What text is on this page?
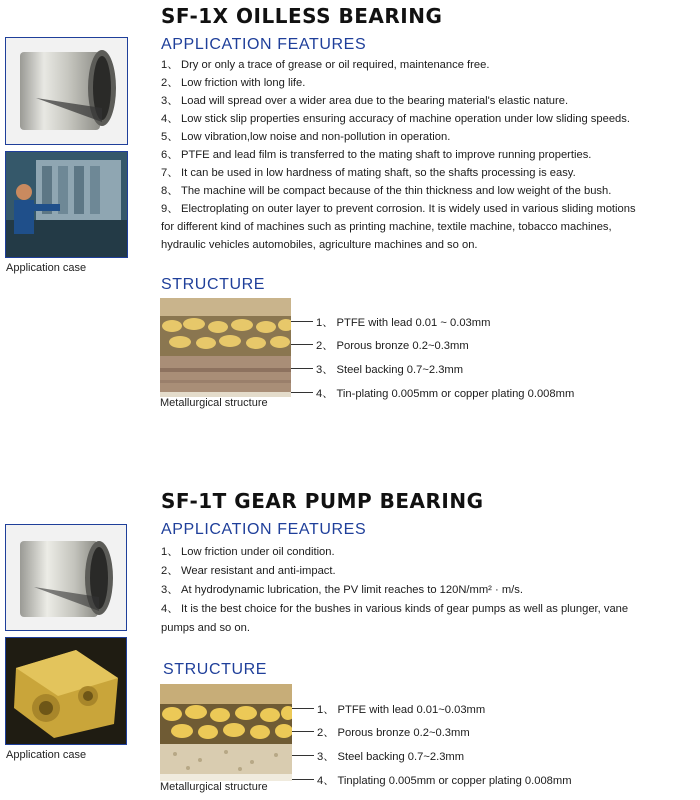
SF-1X OILLESS BEARING
Application case
APPLICATION FEATURES
1、 Dry or only a trace of grease or oil required, maintenance free.
2、 Low friction with long life.
3、 Load will spread over a wider area due to the bearing material's elastic nature.
4、 Low stick slip properties ensuring accuracy of machine operation under low sliding speeds.
5、 Low vibration,low noise and non-pollution in operation.
6、 PTFE and lead film is transferred to the mating shaft to improve running properties.
7、 It can be used in low hardness of mating shaft, so the shafts processing is easy.
8、 The machine will be compact because of the thin thickness and low weight of the bush.
9、 Electroplating on outer layer to prevent corrosion. It is widely used in various sliding motions
for different kind of machines such as printing machine, textile machine, tobacco machines,
hydraulic vehicles automobiles, agriculture machines and so on.
STRUCTURE
Metallurgical structure
1、 PTFE with lead 0.01 ~ 0.03mm
2、 Porous bronze 0.2~0.3mm
3、 Steel backing 0.7~2.3mm
4、 Tin-plating 0.005mm or copper plating 0.008mm
SF-1T GEAR PUMP BEARING
Application case
APPLICATION FEATURES
1、 Low friction under oil condition.
2、 Wear resistant and anti-impact.
3、 At hydrodynamic lubrication, the PV limit reaches to 120N/mm² · m/s.
4、 It is the best choice for the bushes in various kinds of gear pumps as well as plunger, vane
pumps and so on.
STRUCTURE
Metallurgical structure
1、 PTFE with lead 0.01~0.03mm
2、 Porous bronze 0.2~0.3mm
3、 Steel backing 0.7~2.3mm
4、 Tinplating 0.005mm or copper plating 0.008mm
